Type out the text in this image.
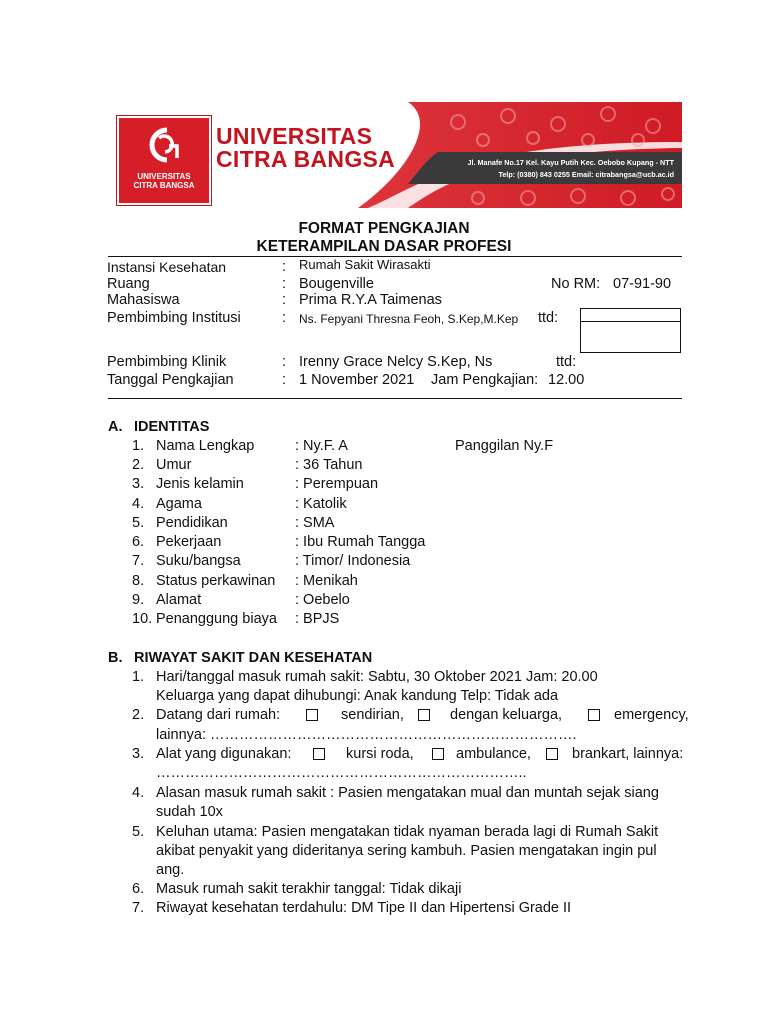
UNIVERSITAS
CITRA BANGSA
UNIVERSITAS
CITRA BANGSA	Jl. Manafe No.17 Kel. Kayu Putih Kec. Oebobo Kupang - NTT
Telp: (0380) 843 0255 Email: citrabangsa@ucb.ac.id
FORMAT PENGKAJIAN
KETERAMPILAN DASAR PROFESI
Instansi Kesehatan	: Rumah Sakit Wirasakti
Ruang	: Bougenville	No RM: 07-91-90
Mahasiswa	: Prima R.Y.A Taimenas
Pembimbing Institusi	: Ns. Fepyani Thresna Feoh, S.Kep,M.Kep ttd:
Pembimbing Klinik	: Irenny Grace Nelcy S.Kep, Ns	ttd:
Tanggal Pengkajian	: 1 November 2021 Jam Pengkajian: 12.00
A. IDENTITAS
1. Nama Lengkap	: Ny.F. A	Panggilan Ny.F
2. Umur	: 36 Tahun
3. Jenis kelamin	: Perempuan
4. Agama	: Katolik
5. Pendidikan	: SMA
6. Pekerjaan	: Ibu Rumah Tangga
7. Suku/bangsa	: Timor/ Indonesia
8. Status perkawinan : Menikah
9. Alamat	: Oebelo
10. Penanggung biaya : BPJS
B. RIWAYAT SAKIT DAN KESEHATAN
1. Hari/tanggal masuk rumah sakit: Sabtu, 30 Oktober 2021 Jam: 20.00
Keluarga yang dapat dihubungi: Anak kandung Telp: Tidak ada
2. Datang dari rumah:	sendirian,	dengan keluarga,	emergency,
lainnya: ………………………………………………………………….
3. Alat yang digunakan:	kursi roda,	ambulance,	brankart, lainnya:
…………………………………………………………………..
4. Alasan masuk rumah sakit : Pasien mengatakan mual dan muntah sejak siang
sudah 10x
5. Keluhan utama: Pasien mengatakan tidak nyaman berada lagi di Rumah Sakit
akibat penyakit yang dideritanya sering kambuh. Pasien mengatakan ingin pul
ang.
6. Masuk rumah sakit terakhir tanggal: Tidak dikaji
7. Riwayat kesehatan terdahulu: DM Tipe II dan Hipertensi Grade II
